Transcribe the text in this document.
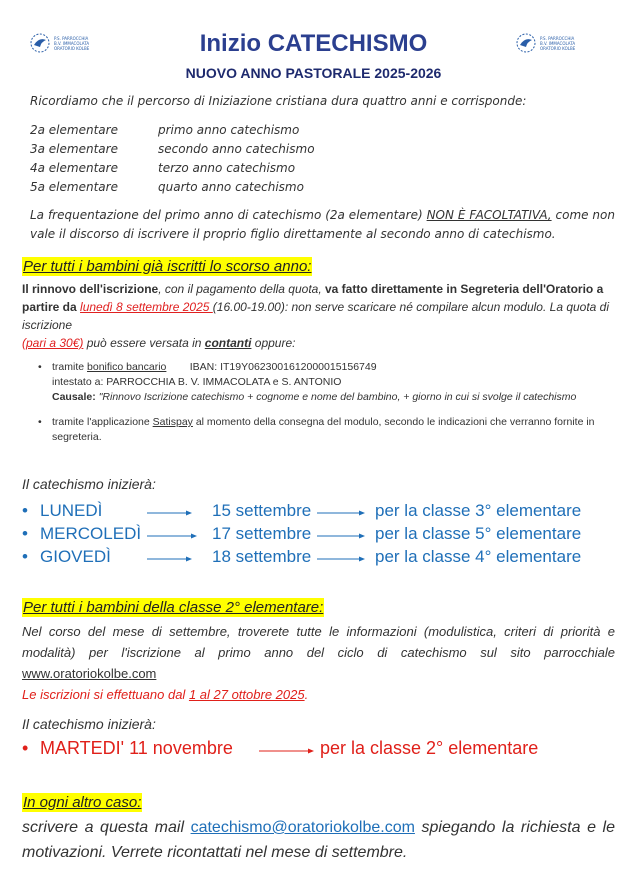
P.S. PARROCCHIA
B.V. IMMACOLATA
ORATORIO KOLBE
P.S. PARROCCHIA
B.V. IMMACOLATA
ORATORIO KOLBE
Inizio CATECHISMO
NUOVO ANNO PASTORALE 2025-2026
Ricordiamo che il percorso di Iniziazione cristiana dura quattro anni e corrisponde:
2a elementare	primo anno catechismo
3a elementare	secondo anno catechismo
4a elementare	terzo anno catechismo
5a elementare	quarto anno catechismo
La frequentazione del primo anno di catechismo (2a elementare) NON È FACOLTATIVA, come non vale il discorso di iscrivere il proprio figlio direttamente al secondo anno di catechismo.
Per tutti i bambini già iscritti lo scorso anno:
Il rinnovo dell'iscrizione, con il pagamento della quota, va fatto direttamente in Segreteria dell'Oratorio a partire da lunedì 8 settembre 2025 (16.00-19.00): non serve scaricare né compilare alcun modulo. La quota di iscrizione
(pari a 30€) può essere versata in contanti oppure:
• tramite bonifico bancario        IBAN: IT19Y0623001612000015156749
intestato a: PARROCCHIA B. V. IMMACOLATA e S. ANTONIO
Causale: "Rinnovo Iscrizione catechismo + cognome e nome del bambino, + giorno in cui si svolge il catechismo
• tramite l'applicazione Satispay al momento della consegna del modulo, secondo le indicazioni che verranno fornite in segreteria.
Il catechismo inizierà:
• LUNEDÌ	15 settembre	per la classe 3° elementare
• MERCOLEDÌ	17 settembre	per la classe 5° elementare
• GIOVEDÌ	18 settembre	per la classe 4° elementare
Per tutti i bambini della classe 2° elementare:
Nel corso del mese di settembre, troverete tutte le informazioni (modulistica, criteri di priorità e modalità) per l'iscrizione al primo anno del ciclo di catechismo sul sito parrocchiale www.oratoriokolbe.com
Le iscrizioni si effettuano dal 1 al 27 ottobre 2025.
Il catechismo inizierà:
• MARTEDI' 11 novembre	per la classe 2° elementare
In ogni altro caso:
scrivere a questa mail catechismo@oratoriokolbe.com spiegando la richiesta e le motivazioni. Verrete ricontattati nel mese di settembre.
